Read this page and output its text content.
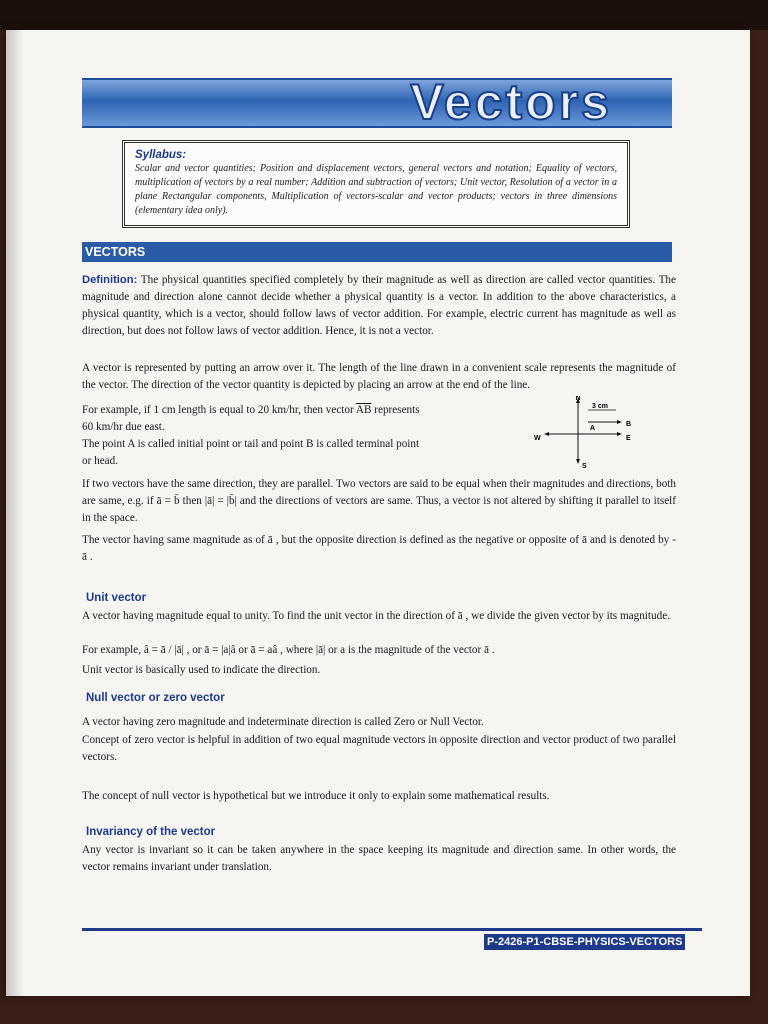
Vectors
Syllabus:
Scalar and vector quantities; Position and displacement vectors, general vectors and notation; Equality of vectors, multiplication of vectors by a real number; Addition and subtraction of vectors; Unit vector, Resolution of a vector in a plane Rectangular components, Multiplication of vectors-scalar and vector products; vectors in three dimensions (elementary idea only).
VECTORS
Definition: The physical quantities specified completely by their magnitude as well as direction are called vector quantities. The magnitude and direction alone cannot decide whether a physical quantity is a vector. In addition to the above characteristics, a physical quantity, which is a vector, should follow laws of vector addition. For example, electric current has magnitude as well as direction, but does not follow laws of vector addition. Hence, it is not a vector.
A vector is represented by putting an arrow over it. The length of the line drawn in a convenient scale represents the magnitude of the vector. The direction of the vector quantity is depicted by placing an arrow at the end of the line.
For example, if 1 cm length is equal to 20 km/hr, then vector $\overline{AB}$ represents
60 km/hr due east.
The point A is called initial point or tail and point B is called terminal point
or head.
N
S
E
W
A
B
3 cm
If two vectors have the same direction, they are parallel. Two vectors are said to be equal when their magnitudes and directions, both are same, e.g. if ā = b̄ then |ā| = |b̄| and the directions of vectors are same. Thus, a vector is not altered by shifting it parallel to itself in the space.
The vector having same magnitude as of ā , but the opposite direction is defined as the negative or opposite of ā and is denoted by - ā .
Unit vector
A vector having magnitude equal to unity. To find the unit vector in the direction of ā , we divide the given vector by its magnitude.
For example, â = ā / |ā| , or ā = |a|â or ā = aâ , where |ā| or a is the magnitude of the vector ā .
Unit vector is basically used to indicate the direction.
Null vector or zero vector
A vector having zero magnitude and indeterminate direction is called Zero or Null Vector.
Concept of zero vector is helpful in addition of two equal magnitude vectors in opposite direction and vector product of two parallel vectors.
The concept of null vector is hypothetical but we introduce it only to explain some mathematical results.
Invariancy of the vector
Any vector is invariant so it can be taken anywhere in the space keeping its magnitude and direction same. In other words, the vector remains invariant under translation.
P-2426-P1-CBSE-PHYSICS-VECTORS
